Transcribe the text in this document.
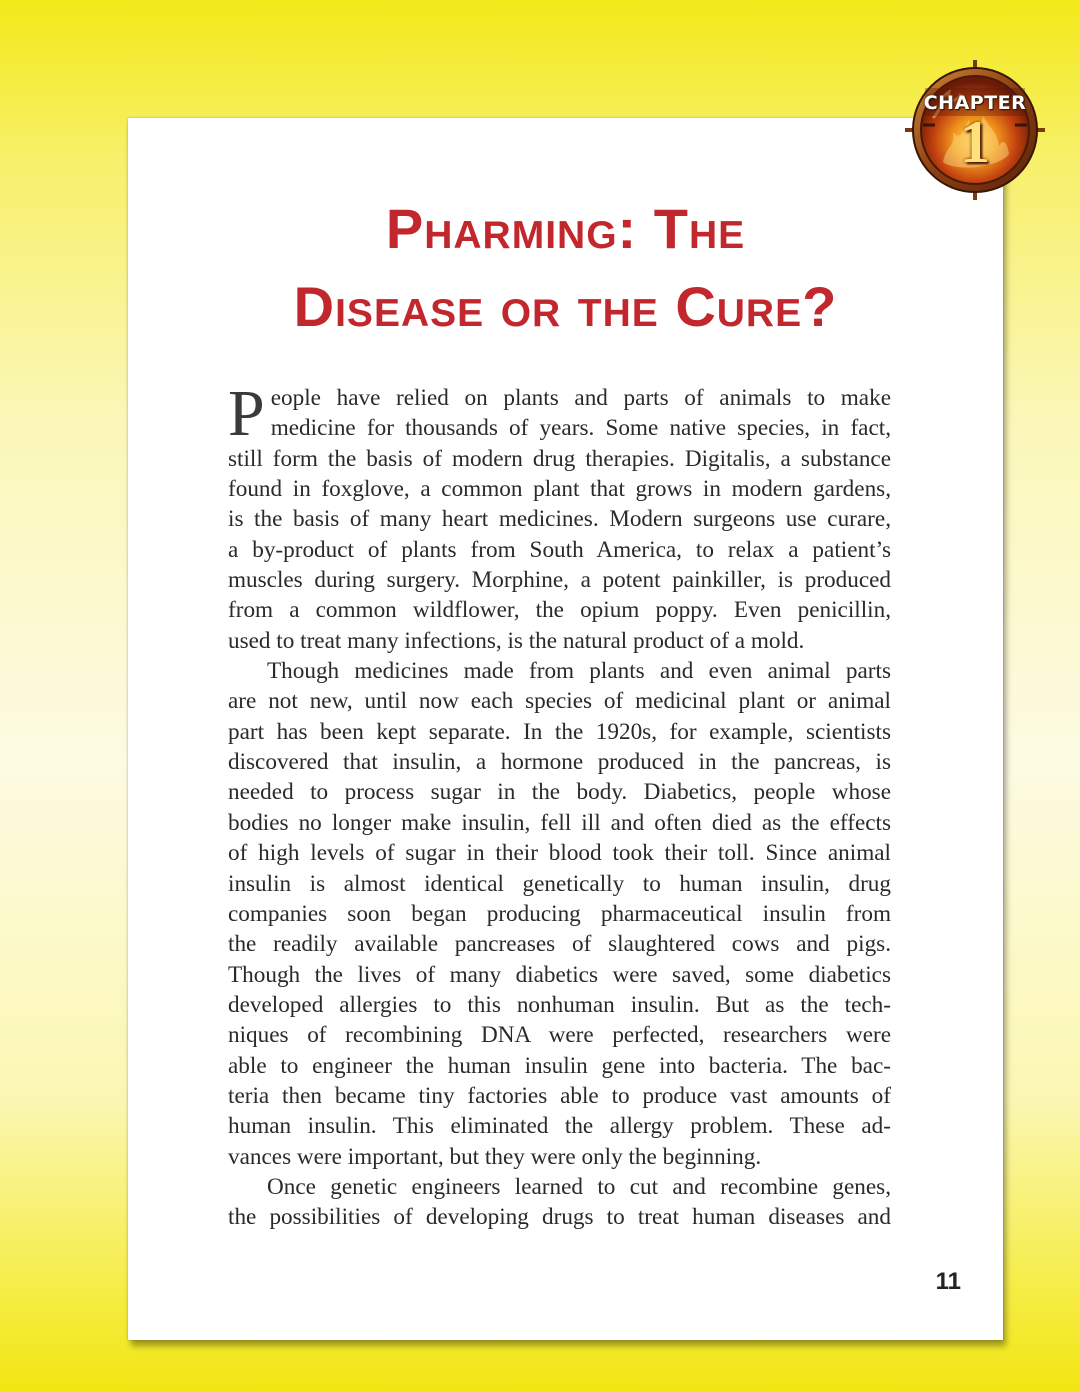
Pharming: The
Disease or the Cure?

P eople have relied on plants and parts of animals to make
medicine for thousands of years. Some native species, in fact,
still form the basis of modern drug therapies. Digitalis, a substance
found in foxglove, a common plant that grows in modern gardens,
is the basis of many heart medicines. Modern surgeons use curare,
a by-product of plants from South America, to relax a patient’s
muscles during surgery. Morphine, a potent painkiller, is produced
from a common wildflower, the opium poppy. Even penicillin,
used to treat many infections, is the natural product of a mold.

Though medicines made from plants and even animal parts
are not new, until now each species of medicinal plant or animal
part has been kept separate. In the 1920s, for example, scientists
discovered that insulin, a hormone produced in the pancreas, is
needed to process sugar in the body. Diabetics, people whose
bodies no longer make insulin, fell ill and often died as the effects
of high levels of sugar in their blood took their toll. Since animal
insulin is almost identical genetically to human insulin, drug
companies soon began producing pharmaceutical insulin from
the readily available pancreases of slaughtered cows and pigs.
Though the lives of many diabetics were saved, some diabetics
developed allergies to this nonhuman insulin. But as the tech-
niques of recombining DNA were perfected, researchers were
able to engineer the human insulin gene into bacteria. The bac-
teria then became tiny factories able to produce vast amounts of
human insulin. This eliminated the allergy problem. These ad-
vances were important, but they were only the beginning.

Once genetic engineers learned to cut and recombine genes,
the possibilities of developing drugs to treat human diseases and

11
CHAPTER
1
